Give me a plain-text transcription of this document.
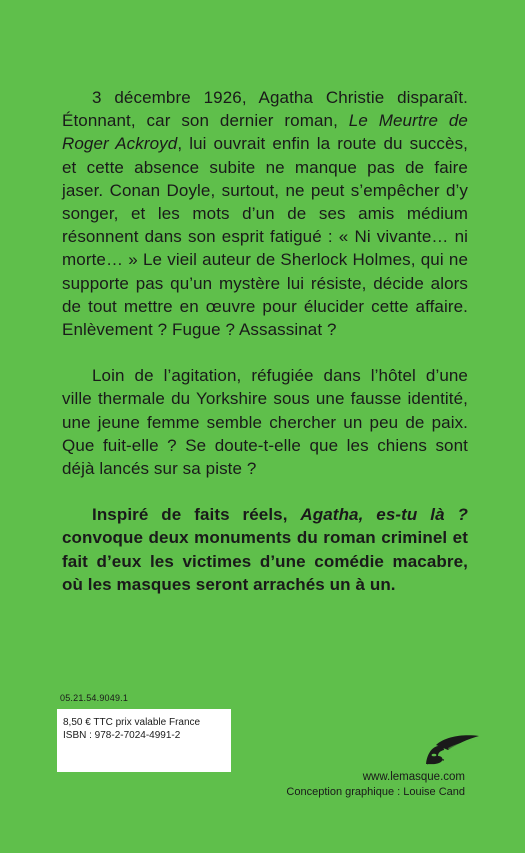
3 décembre 1926, Agatha Christie disparaît. Étonnant, car son dernier roman, Le Meurtre de Roger Ackroyd, lui ouvrait enfin la route du succès, et cette absence subite ne manque pas de faire jaser. Conan Doyle, surtout, ne peut s’empêcher d’y songer, et les mots d’un de ses amis médium résonnent dans son esprit fatigué : « Ni vivante… ni morte… » Le vieil auteur de Sherlock Holmes, qui ne supporte pas qu’un mystère lui résiste, décide alors de tout mettre en œuvre pour élucider cette affaire. Enlèvement ? Fugue ? Assassinat ?

Loin de l’agitation, réfugiée dans l’hôtel d’une ville thermale du Yorkshire sous une fausse identité, une jeune femme semble chercher un peu de paix. Que fuit-elle ? Se doute-t-elle que les chiens sont déjà lancés sur sa piste ?

Inspiré de faits réels, Agatha, es-tu là ? convoque deux monuments du roman criminel et fait d’eux les victimes d’une comédie macabre, où les masques seront arrachés un à un.

05.21.54.9049.1
8,50 € TTC prix valable France
ISBN : 978-2-7024-4991-2
www.lemasque.com
Conception graphique : Louise Cand
